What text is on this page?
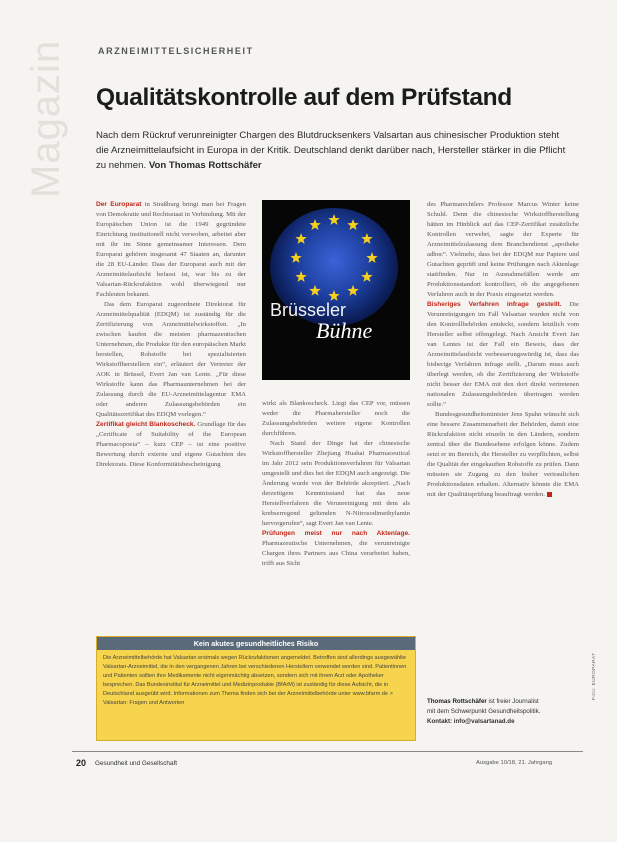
Magazin	ARZNEIMITTELSICHERHEIT
Qualitätskontrolle auf dem Prüfstand
Nach dem Rückruf verunreinigter Chargen des Blutdrucksenkers Valsartan aus chinesischer Produktion steht die Arzneimittelaufsicht in Europa in der Kritik. Deutschland denkt darüber nach, Hersteller stärker in die Pflicht zu nehmen. Von Thomas Rottschäfer

Der Europarat in Straßburg bringt man bei Fragen von Demokratie und Rechtsstaat in Verbindung. Mit der Europäischen Union ist die 1949 gegründete Einrichtung institutionell nicht verwoben, arbeitet aber mit ihr im Sinne gemeinsamer Interessen. Dem Europarat gehören insgesamt 47 Staaten an, darunter die 28 EU-Länder. Dass der Europarat auch mit der Arzneimittelaufsicht befasst ist, war bis zu der Valsartan-Rückrufaktion wohl überwiegend nur Fachleuten bekannt.

Das dem Europarat zugeordnete Direktorat für Arzneimittelqualität (EDQM) ist zuständig für die Zertifizierung von Arzneimittelwirkstoffen. „In zwischen kaufen die meisten pharmazeutischen Unternehmen, die Produkte für den europäischen Markt herstellen, Rohstoffe bei spezialisierten Wirkstoffherstellern ein“, erläutert der Vertreter der AOK in Brüssel, Evert Jan van Lente. „Für diese Wirkstoffe kann das Pharmaunternehmen bei der Zulassung durch die EU-Arzneimittelagentur EMA oder anderen Zulassungsbehörden ein Qualitätszertifikat des EDQM vorlegen.“

Zertifikat gleicht Blankoscheck. Grundlage für das „Certificate of Suitability of the European Pharmacopoeia“ – kurz CEP – ist eine positive Bewertung durch externe und eigene Gutachten des Direktorats. Diese Konformitätsbescheinigung

Brüsseler
Bühne

wirkt als Blankoscheck. Liegt das CEP vor, müssen weder die Pharmahersteller noch die Zulassungsbehörden weitere eigene Kontrollen durchführen.

Nach Stand der Dinge hat der chinesische Wirkstoffhersteller Zhejiang Huahai Pharmaceutical im Jahr 2012 sein Produktionsverfahren für Valsartan umgestellt und dies bei der EDQM auch angezeigt. Die Änderung wurde von der Behörde akzeptiert. „Nach derzeitigem Kenntnisstand hat das neue Herstellverfahren die Verunreinigung mit dem als krebserregend geltenden N-Nitrosodimethylamin hervorgerufen“, sagt Evert Jan van Lente.

Prüfungen meist nur nach Aktenlage. Pharmazeutische Unternehmen, die verunreinigte Chargen ihres Partners aus China verarbeitet haben, trifft aus Sicht

des Pharmarechtlers Professor Marcus Winter keine Schuld. Denn die chinesische Wirkstoffherstellung hätten im Hinblick auf das CEP-Zertifikat zusätzliche Kontrollen verwehrt, sagte der Experte für Arzneimittelzulassung dem Branchendienst „apotheke adhoc“. Vielmehr, dass bei der EDQM nur Papiere und Gutachten geprüft und keine Prüfungen nach Aktenlage stattfinden. Nur in Ausnahmefällen werde am Produktionsstandort kontrolliert, ob die angegebenen Verfahren auch in der Praxis eingesetzt werden.

Bisheriges Verfahren infrage gestellt. Die Verunreinigungen im Fall Valsartan wurden nicht von den Kontrollbehörden entdeckt, sondern letztlich vom Hersteller selbst offengelegt. Nach Ansicht Evert Jan van Lentes ist der Fall ein Beweis, dass der Arzneimittelaufsicht verbesserungswürdig ist, dass das bisherige Verfahren infrage stellt. „Darum muss auch überlegt werden, ob die Zertifizierung der Wirkstoffe nicht besser der EMA mit den dort direkt vertretenen nationalen Zulassungsbehörden übertragen werden sollte.“

Bundesgesundheitsminister Jens Spahn wünscht sich eine bessere Zusammenarbeit der Behörden, damit eine Rückrufaktion nicht einzeln in den Ländern, sondern zentral über die Bundesebene erfolgen könne. Zudem setzt er im Bereich, die Hersteller zu verpflichten, selbst die Qualität der eingekauften Rohstoffe zu prüfen. Dann müssten sie Zugang zu den bisher vertraulichen Produktionsdaten erhalten. Alternativ könnte die EMA mit der Qualitätsprüfung beauftragt werden.

Kein akutes gesundheitliches Risiko
Die Arzneimittelbehörde hat Valsartan erstmals wegen Rückrufaktionen angemeldet. Betroffen sind allerdings ausgewählte Valsartan-Arzneimittel, die in den vergangenen Jahren bei verschiedenen Herstellern verwendet worden sind. Patientinnen und Patienten sollten ihre Medikamente nicht eigenmächtig absetzen, sondern sich mit ihrem Arzt oder Apotheker besprechen. Das Bundesinstitut für Arzneimittel und Medizinprodukte (BfArM) ist zuständig für diese Aufsicht, die in Deutschland ausgeübt wird. Informationen zum Thema finden sich bei der Arzneimittelbehörde unter www.bfarm.de > Valsartan: Fragen und Antworten	Thomas Rottschäfer ist freier Journalist
mit dem Schwerpunkt Gesundheitspolitik.
Kontakt: info@valsartanad.de
Foto: EUROPARAT
20 Gesundheit und Gesellschaft	Ausgabe 10/18, 21. Jahrgang
